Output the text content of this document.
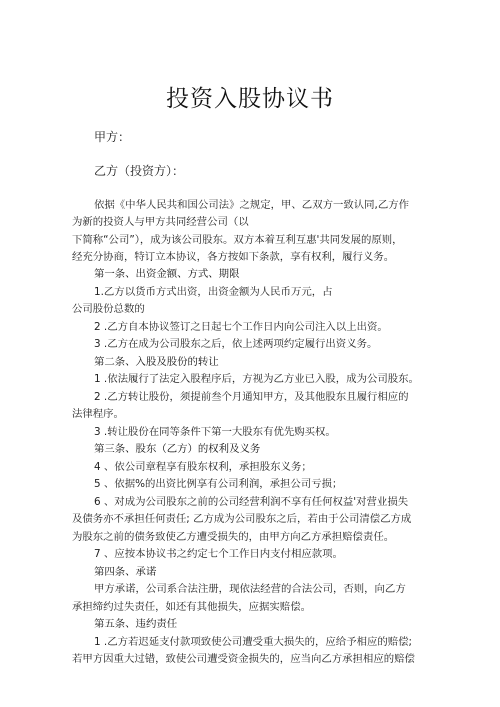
投资入股协议书
甲方：
乙方（投资方）：
依据《中华人民共和国公司法》之规定，甲、乙双方一致认同,乙方作
为新的投资人与甲方共同经营公司（以
下简称“公司”），成为该公司股东。双方本着互利互惠'共同发展的原则，
经充分协商，特订立本协议，各方按如下条款，享有权利，履行义务。
第一条、出资金额、方式、期限
1.乙方以货币方式出资，出资金额为人民币万元，占
公司股份总数的
2 .乙方自本协议签订之日起七个工作日内向公司注入以上出资。
3 .乙方在成为公司股东之后，依上述两项约定履行出资义务。
第二条、入股及股份的转让
1 .依法履行了法定入股程序后，方视为乙方业已入股，成为公司股东。
2 .乙方转让股份，须提前叁个月通知甲方，及其他股东且履行相应的
法律程序。
3 .转让股份在同等条件下第一大股东有优先购买权。
第三条、股东（乙方）的权利及义务
4 、依公司章程享有股东权利，承担股东义务；
5 、依据%的出资比例享有公司利润，承担公司亏损；
6 、对成为公司股东之前的公司经营利润不享有任何权益'对营业损失
及债务亦不承担任何责任; 乙方成为公司股东之后，若由于公司清偿乙方成
为股东之前的债务致使乙方遭受损失的，由甲方向乙方承担赔偿责任。
7 、应按本协议书之约定七个工作日内支付相应款项。
第四条、承诺
甲方承诺，公司系合法注册，现依法经营的合法公司，否则，向乙方
承担缔约过失责任，如还有其他损失，应据实赔偿。
第五条、违约责任
1 .乙方若迟延支付款项致使公司遭受重大损失的，应给予相应的赔偿;
若甲方因重大过错，致使公司遭受资金损失的，应当向乙方承担相应的赔偿
